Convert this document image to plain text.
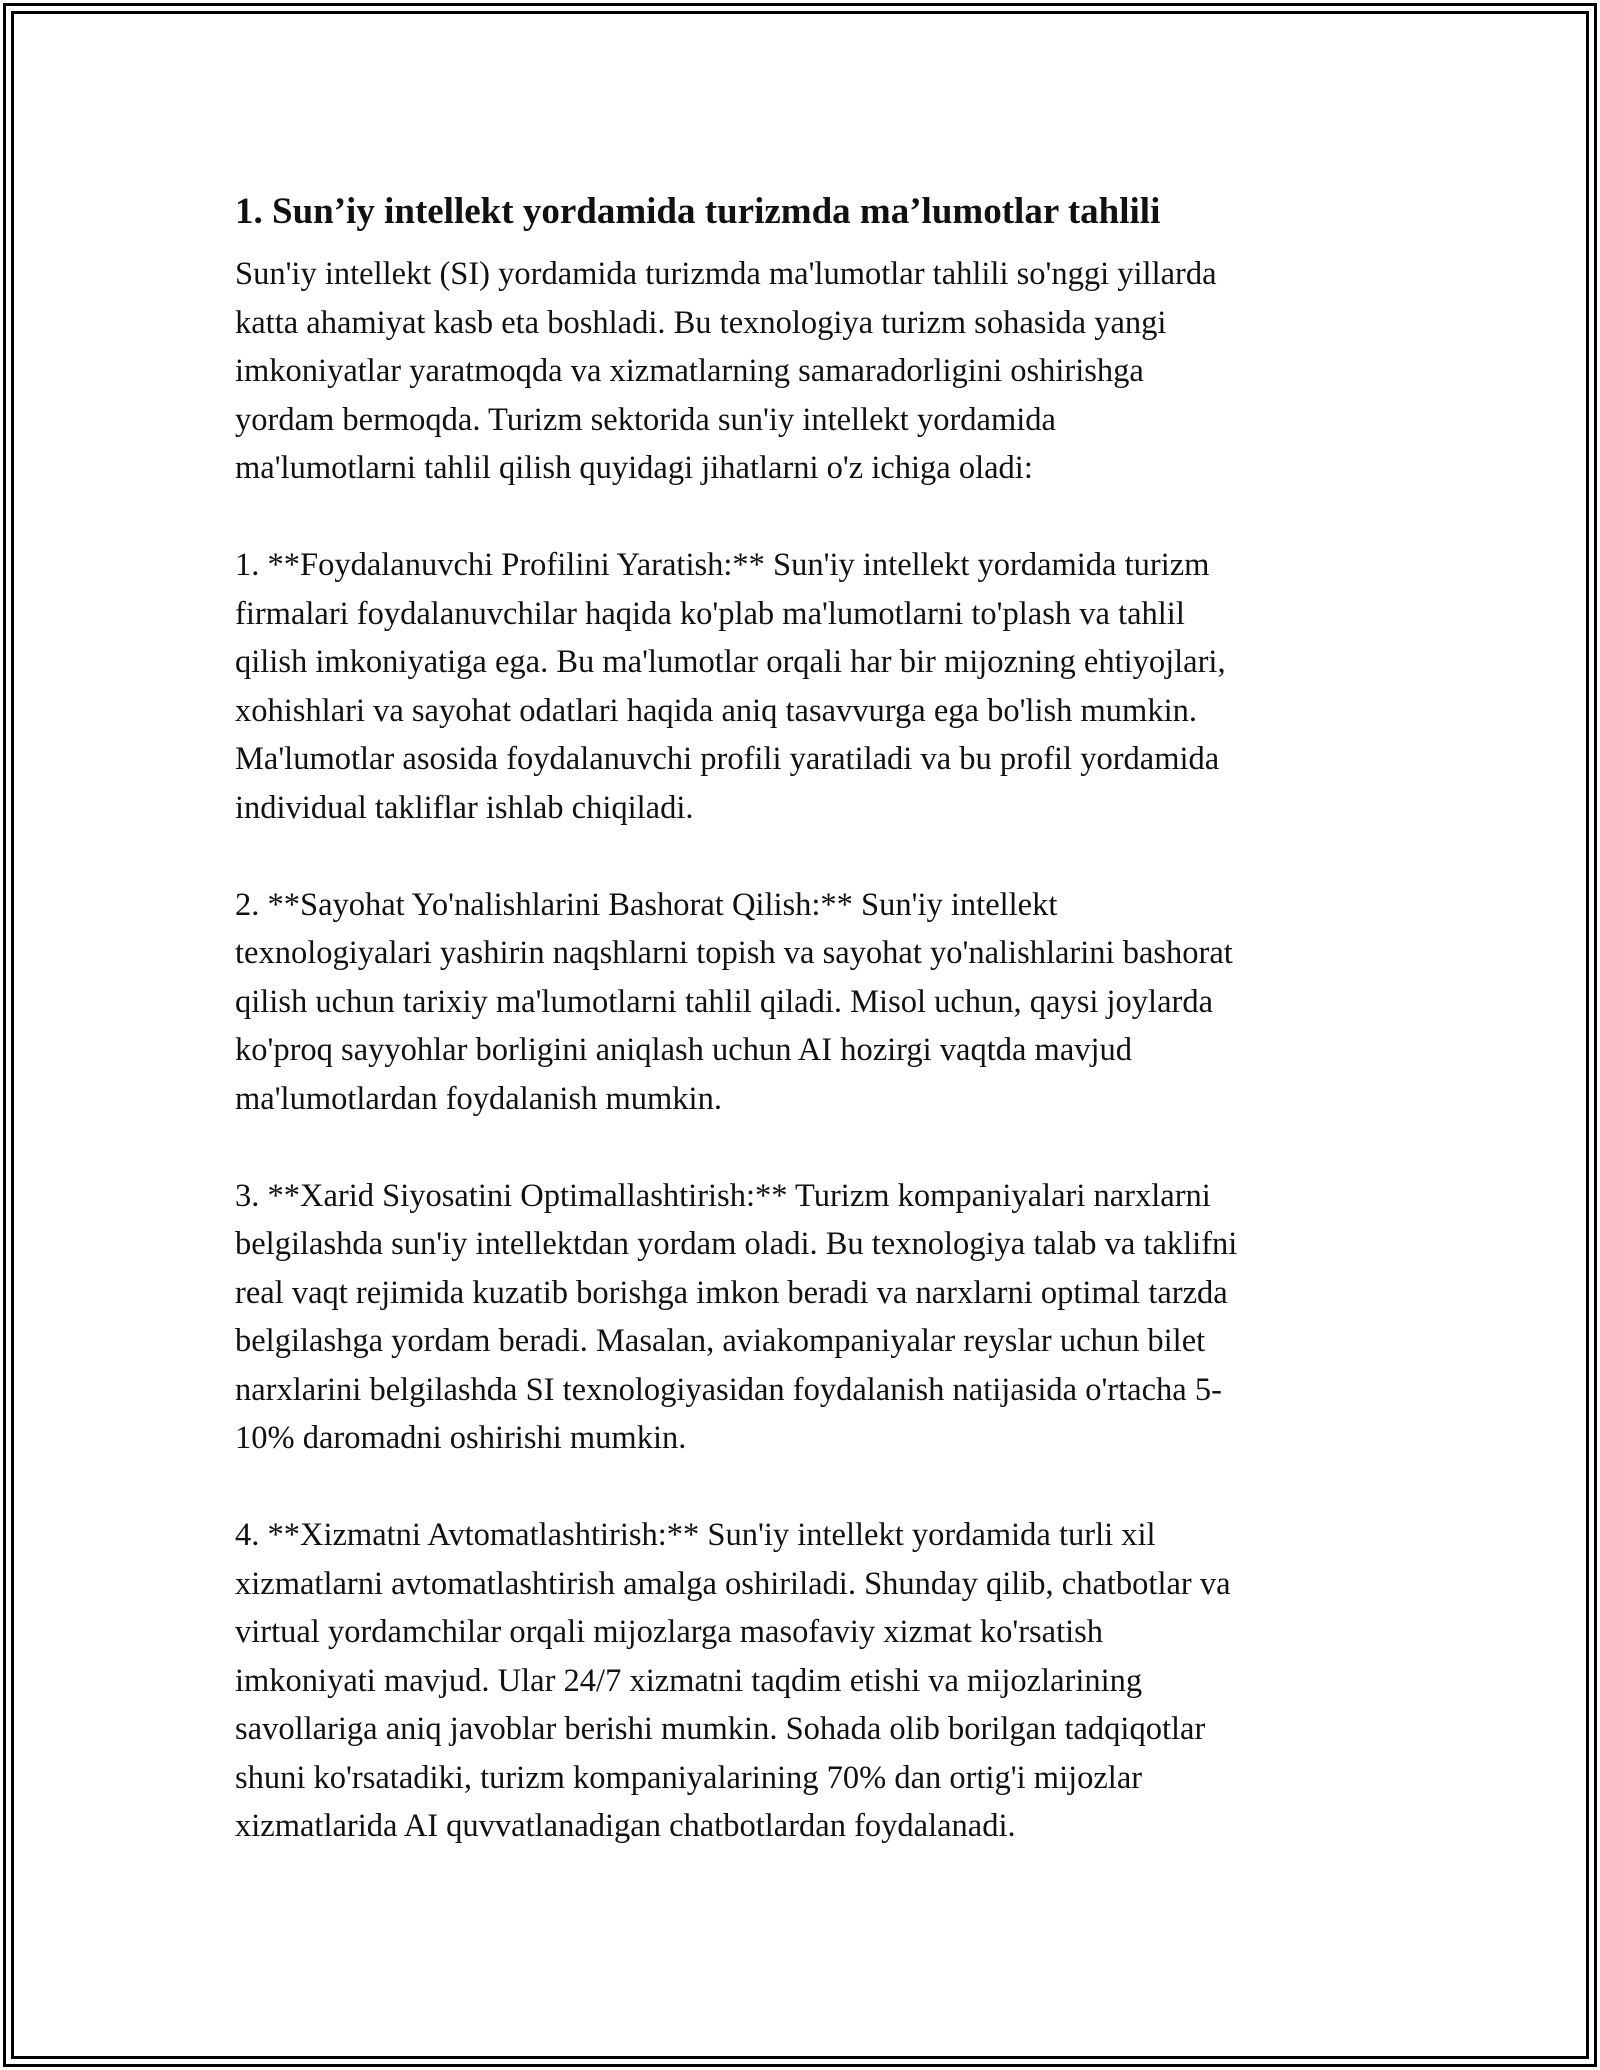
1. Sun’iy intellekt yordamida turizmda ma’lumotlar tahlili

Sun'iy intellekt (SI) yordamida turizmda ma'lumotlar tahlili so'nggi yillarda
katta ahamiyat kasb eta boshladi. Bu texnologiya turizm sohasida yangi
imkoniyatlar yaratmoqda va xizmatlarning samaradorligini oshirishga
yordam bermoqda. Turizm sektorida sun'iy intellekt yordamida
ma'lumotlarni tahlil qilish quyidagi jihatlarni o'z ichiga oladi:

1. **Foydalanuvchi Profilini Yaratish:** Sun'iy intellekt yordamida turizm
firmalari foydalanuvchilar haqida ko'plab ma'lumotlarni to'plash va tahlil
qilish imkoniyatiga ega. Bu ma'lumotlar orqali har bir mijozning ehtiyojlari,
xohishlari va sayohat odatlari haqida aniq tasavvurga ega bo'lish mumkin.
Ma'lumotlar asosida foydalanuvchi profili yaratiladi va bu profil yordamida
individual takliflar ishlab chiqiladi.

2. **Sayohat Yo'nalishlarini Bashorat Qilish:** Sun'iy intellekt
texnologiyalari yashirin naqshlarni topish va sayohat yo'nalishlarini bashorat
qilish uchun tarixiy ma'lumotlarni tahlil qiladi. Misol uchun, qaysi joylarda
ko'proq sayyohlar borligini aniqlash uchun AI hozirgi vaqtda mavjud
ma'lumotlardan foydalanish mumkin.

3. **Xarid Siyosatini Optimallashtirish:** Turizm kompaniyalari narxlarni
belgilashda sun'iy intellektdan yordam oladi. Bu texnologiya talab va taklifni
real vaqt rejimida kuzatib borishga imkon beradi va narxlarni optimal tarzda
belgilashga yordam beradi. Masalan, aviakompaniyalar reyslar uchun bilet
narxlarini belgilashda SI texnologiyasidan foydalanish natijasida o'rtacha 5-
10% daromadni oshirishi mumkin.

4. **Xizmatni Avtomatlashtirish:** Sun'iy intellekt yordamida turli xil
xizmatlarni avtomatlashtirish amalga oshiriladi. Shunday qilib, chatbotlar va
virtual yordamchilar orqali mijozlarga masofaviy xizmat ko'rsatish
imkoniyati mavjud. Ular 24/7 xizmatni taqdim etishi va mijozlarining
savollariga aniq javoblar berishi mumkin. Sohada olib borilgan tadqiqotlar
shuni ko'rsatadiki, turizm kompaniyalarining 70% dan ortig'i mijozlar
xizmatlarida AI quvvatlanadigan chatbotlardan foydalanadi.
